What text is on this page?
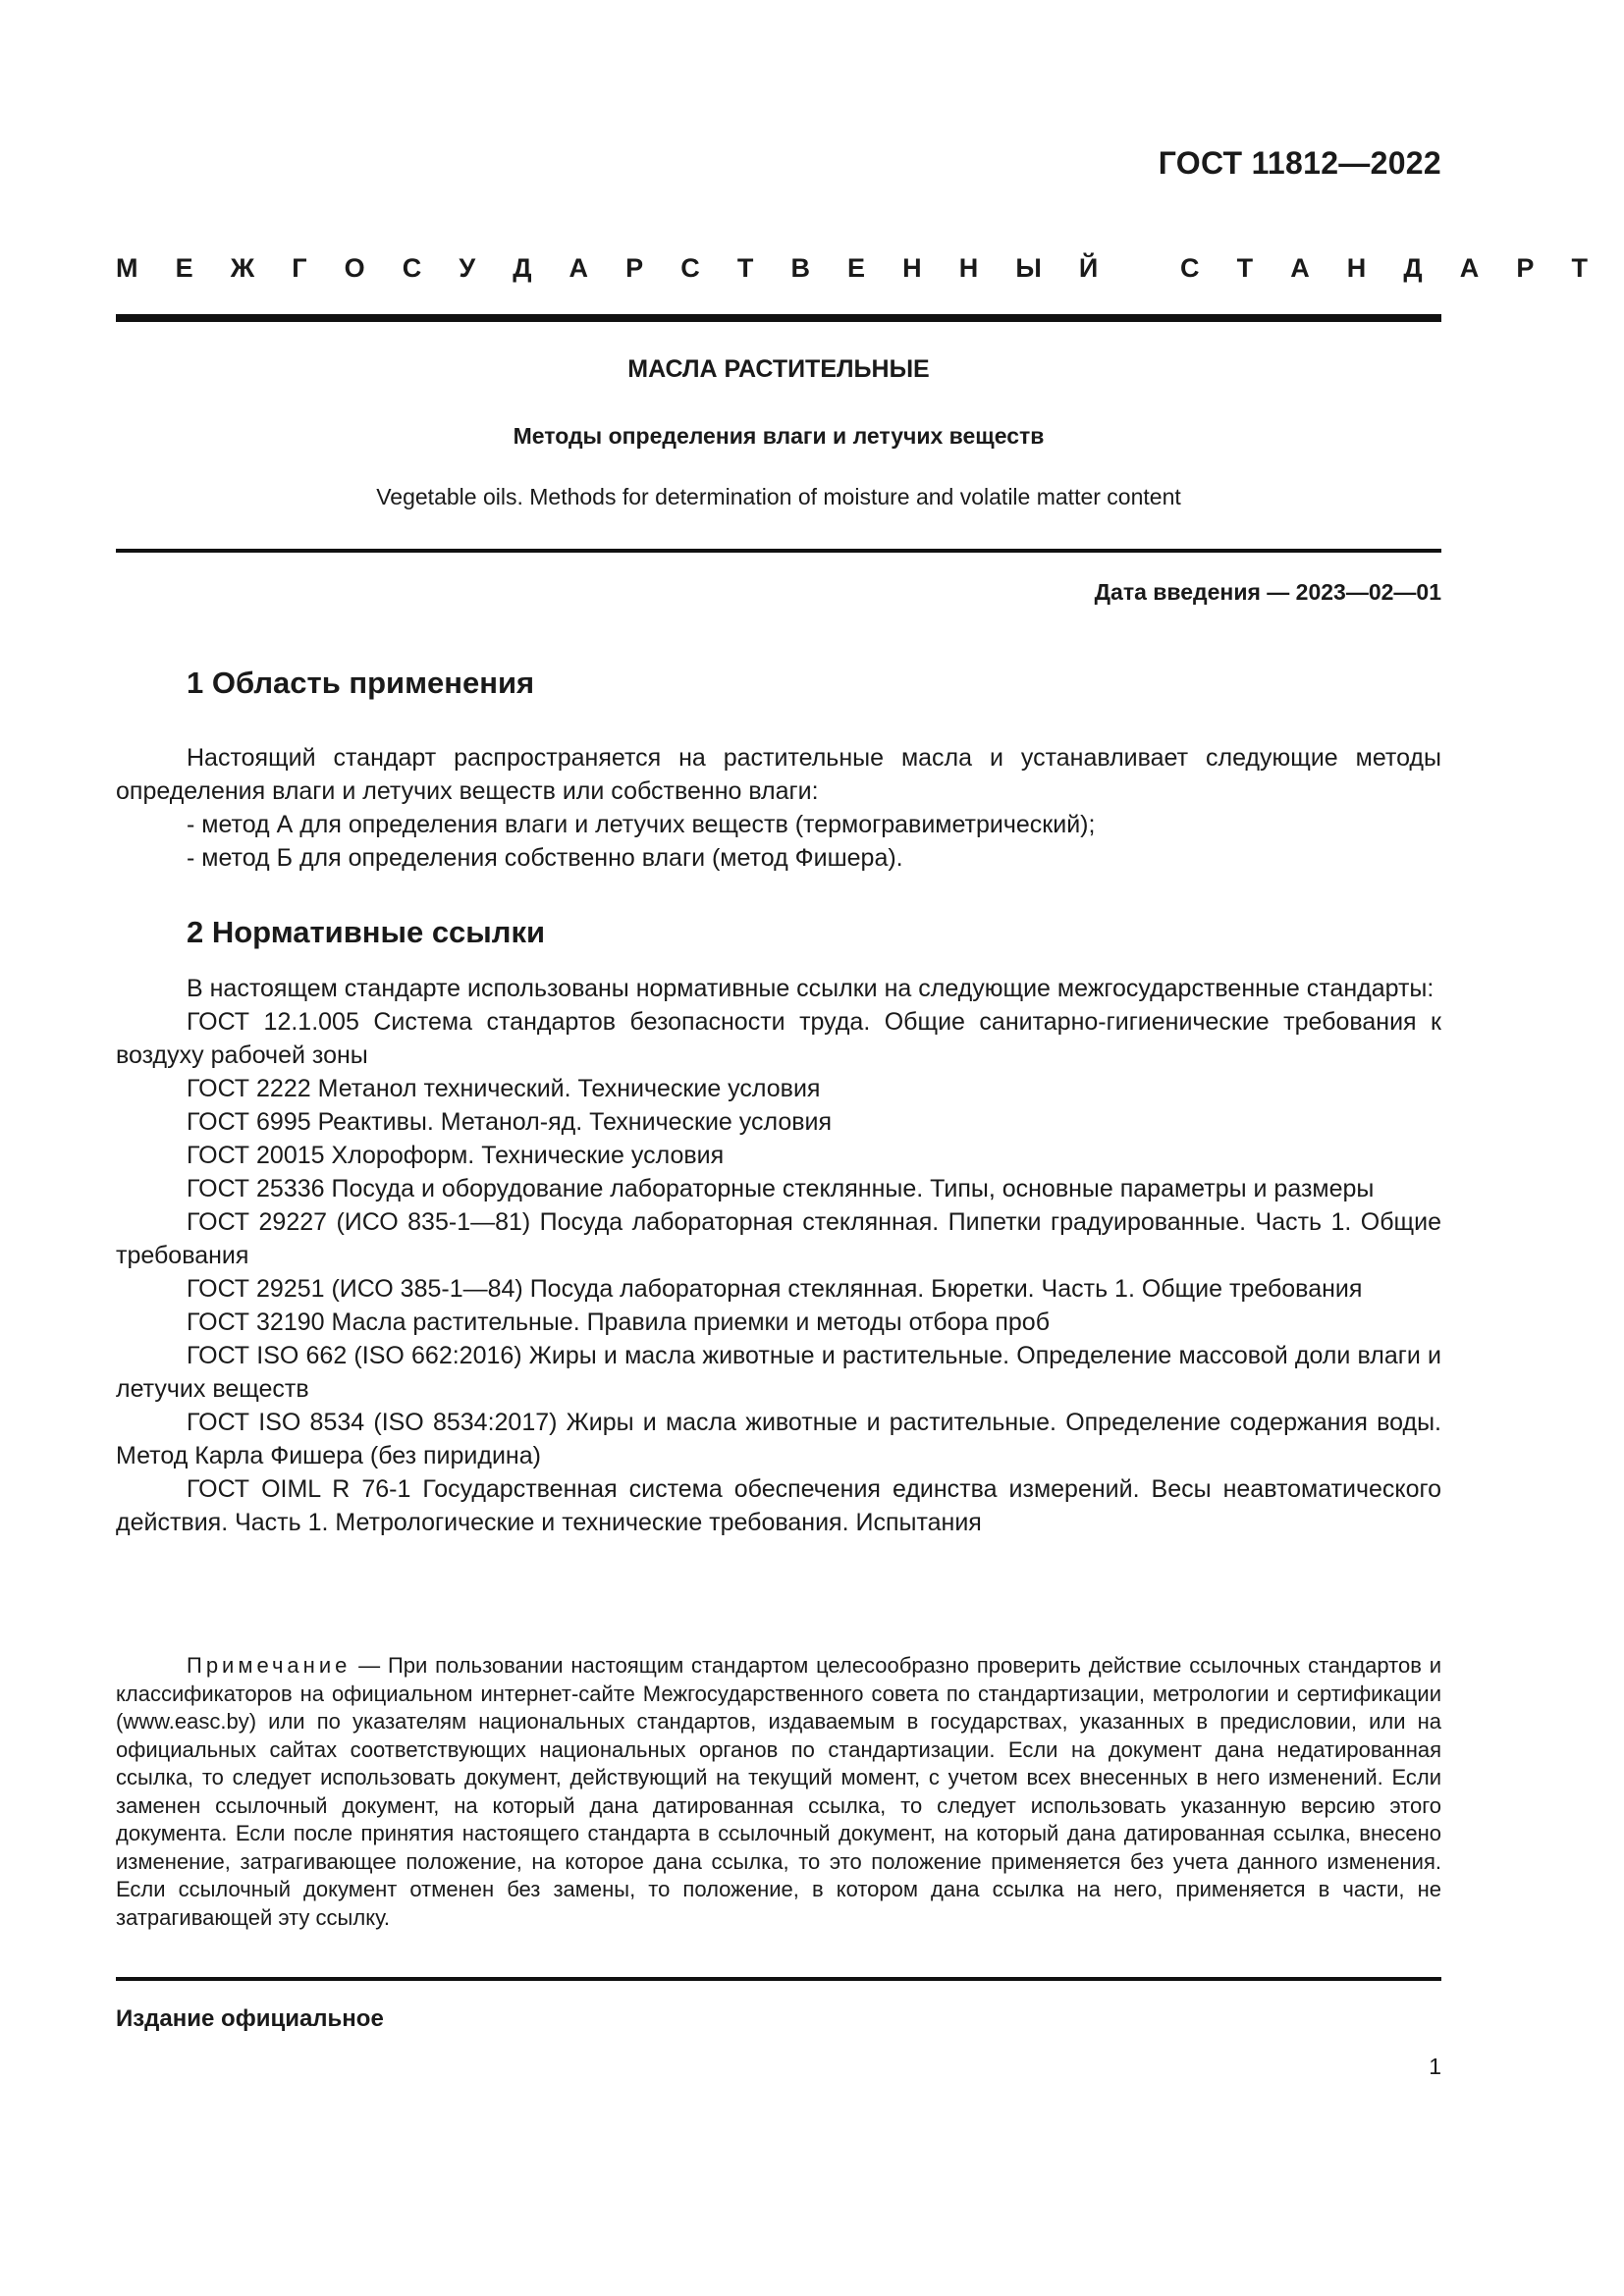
ГОСТ 11812—2022
М Е Ж Г О С У Д А Р С Т В Е Н Н Ы Й   С Т А Н Д А Р Т
МАСЛА РАСТИТЕЛЬНЫЕ
Методы определения влаги и летучих веществ
Vegetable oils. Methods for determination of moisture and volatile matter content
Дата введения — 2023—02—01
1 Область применения

Настоящий стандарт распространяется на растительные масла и устанавливает следующие методы определения влаги и летучих веществ или собственно влаги:

- метод А для определения влаги и летучих веществ (термогравиметрический);

- метод Б для определения собственно влаги (метод Фишера).

2 Нормативные ссылки

В настоящем стандарте использованы нормативные ссылки на следующие межгосударственные стандарты:

ГОСТ 12.1.005 Система стандартов безопасности труда. Общие санитарно-гигиенические требования к воздуху рабочей зоны

ГОСТ 2222 Метанол технический. Технические условия

ГОСТ 6995 Реактивы. Метанол-яд. Технические условия

ГОСТ 20015 Хлороформ. Технические условия

ГОСТ 25336 Посуда и оборудование лабораторные стеклянные. Типы, основные параметры и размеры

ГОСТ 29227 (ИСО 835-1—81) Посуда лабораторная стеклянная. Пипетки градуированные. Часть 1. Общие требования

ГОСТ 29251 (ИСО 385-1—84) Посуда лабораторная стеклянная. Бюретки. Часть 1. Общие требования

ГОСТ 32190 Масла растительные. Правила приемки и методы отбора проб

ГОСТ ISO 662 (ISO 662:2016) Жиры и масла животные и растительные. Определение массовой доли влаги и летучих веществ

ГОСТ ISO 8534 (ISO 8534:2017) Жиры и масла животные и растительные. Определение содержания воды. Метод Карла Фишера (без пиридина)

ГОСТ OIML R 76-1 Государственная система обеспечения единства измерений. Весы неавтоматического действия. Часть 1. Метрологические и технические требования. Испытания

Примечание — При пользовании настоящим стандартом целесообразно проверить действие ссылочных стандартов и классификаторов на официальном интернет-сайте Межгосударственного совета по стандартизации, метрологии и сертификации (www.easc.by) или по указателям национальных стандартов, издаваемым в государствах, указанных в предисловии, или на официальных сайтах соответствующих национальных органов по стандартизации. Если на документ дана недатированная ссылка, то следует использовать документ, действующий на текущий момент, с учетом всех внесенных в него изменений. Если заменен ссылочный документ, на который дана датированная ссылка, то следует использовать указанную версию этого документа. Если после принятия настоящего стандарта в ссылочный документ, на который дана датированная ссылка, внесено изменение, затрагивающее положение, на которое дана ссылка, то это положение применяется без учета данного изменения. Если ссылочный документ отменен без замены, то положение, в котором дана ссылка на него, применяется в части, не затрагивающей эту ссылку.
Издание официальное
1
